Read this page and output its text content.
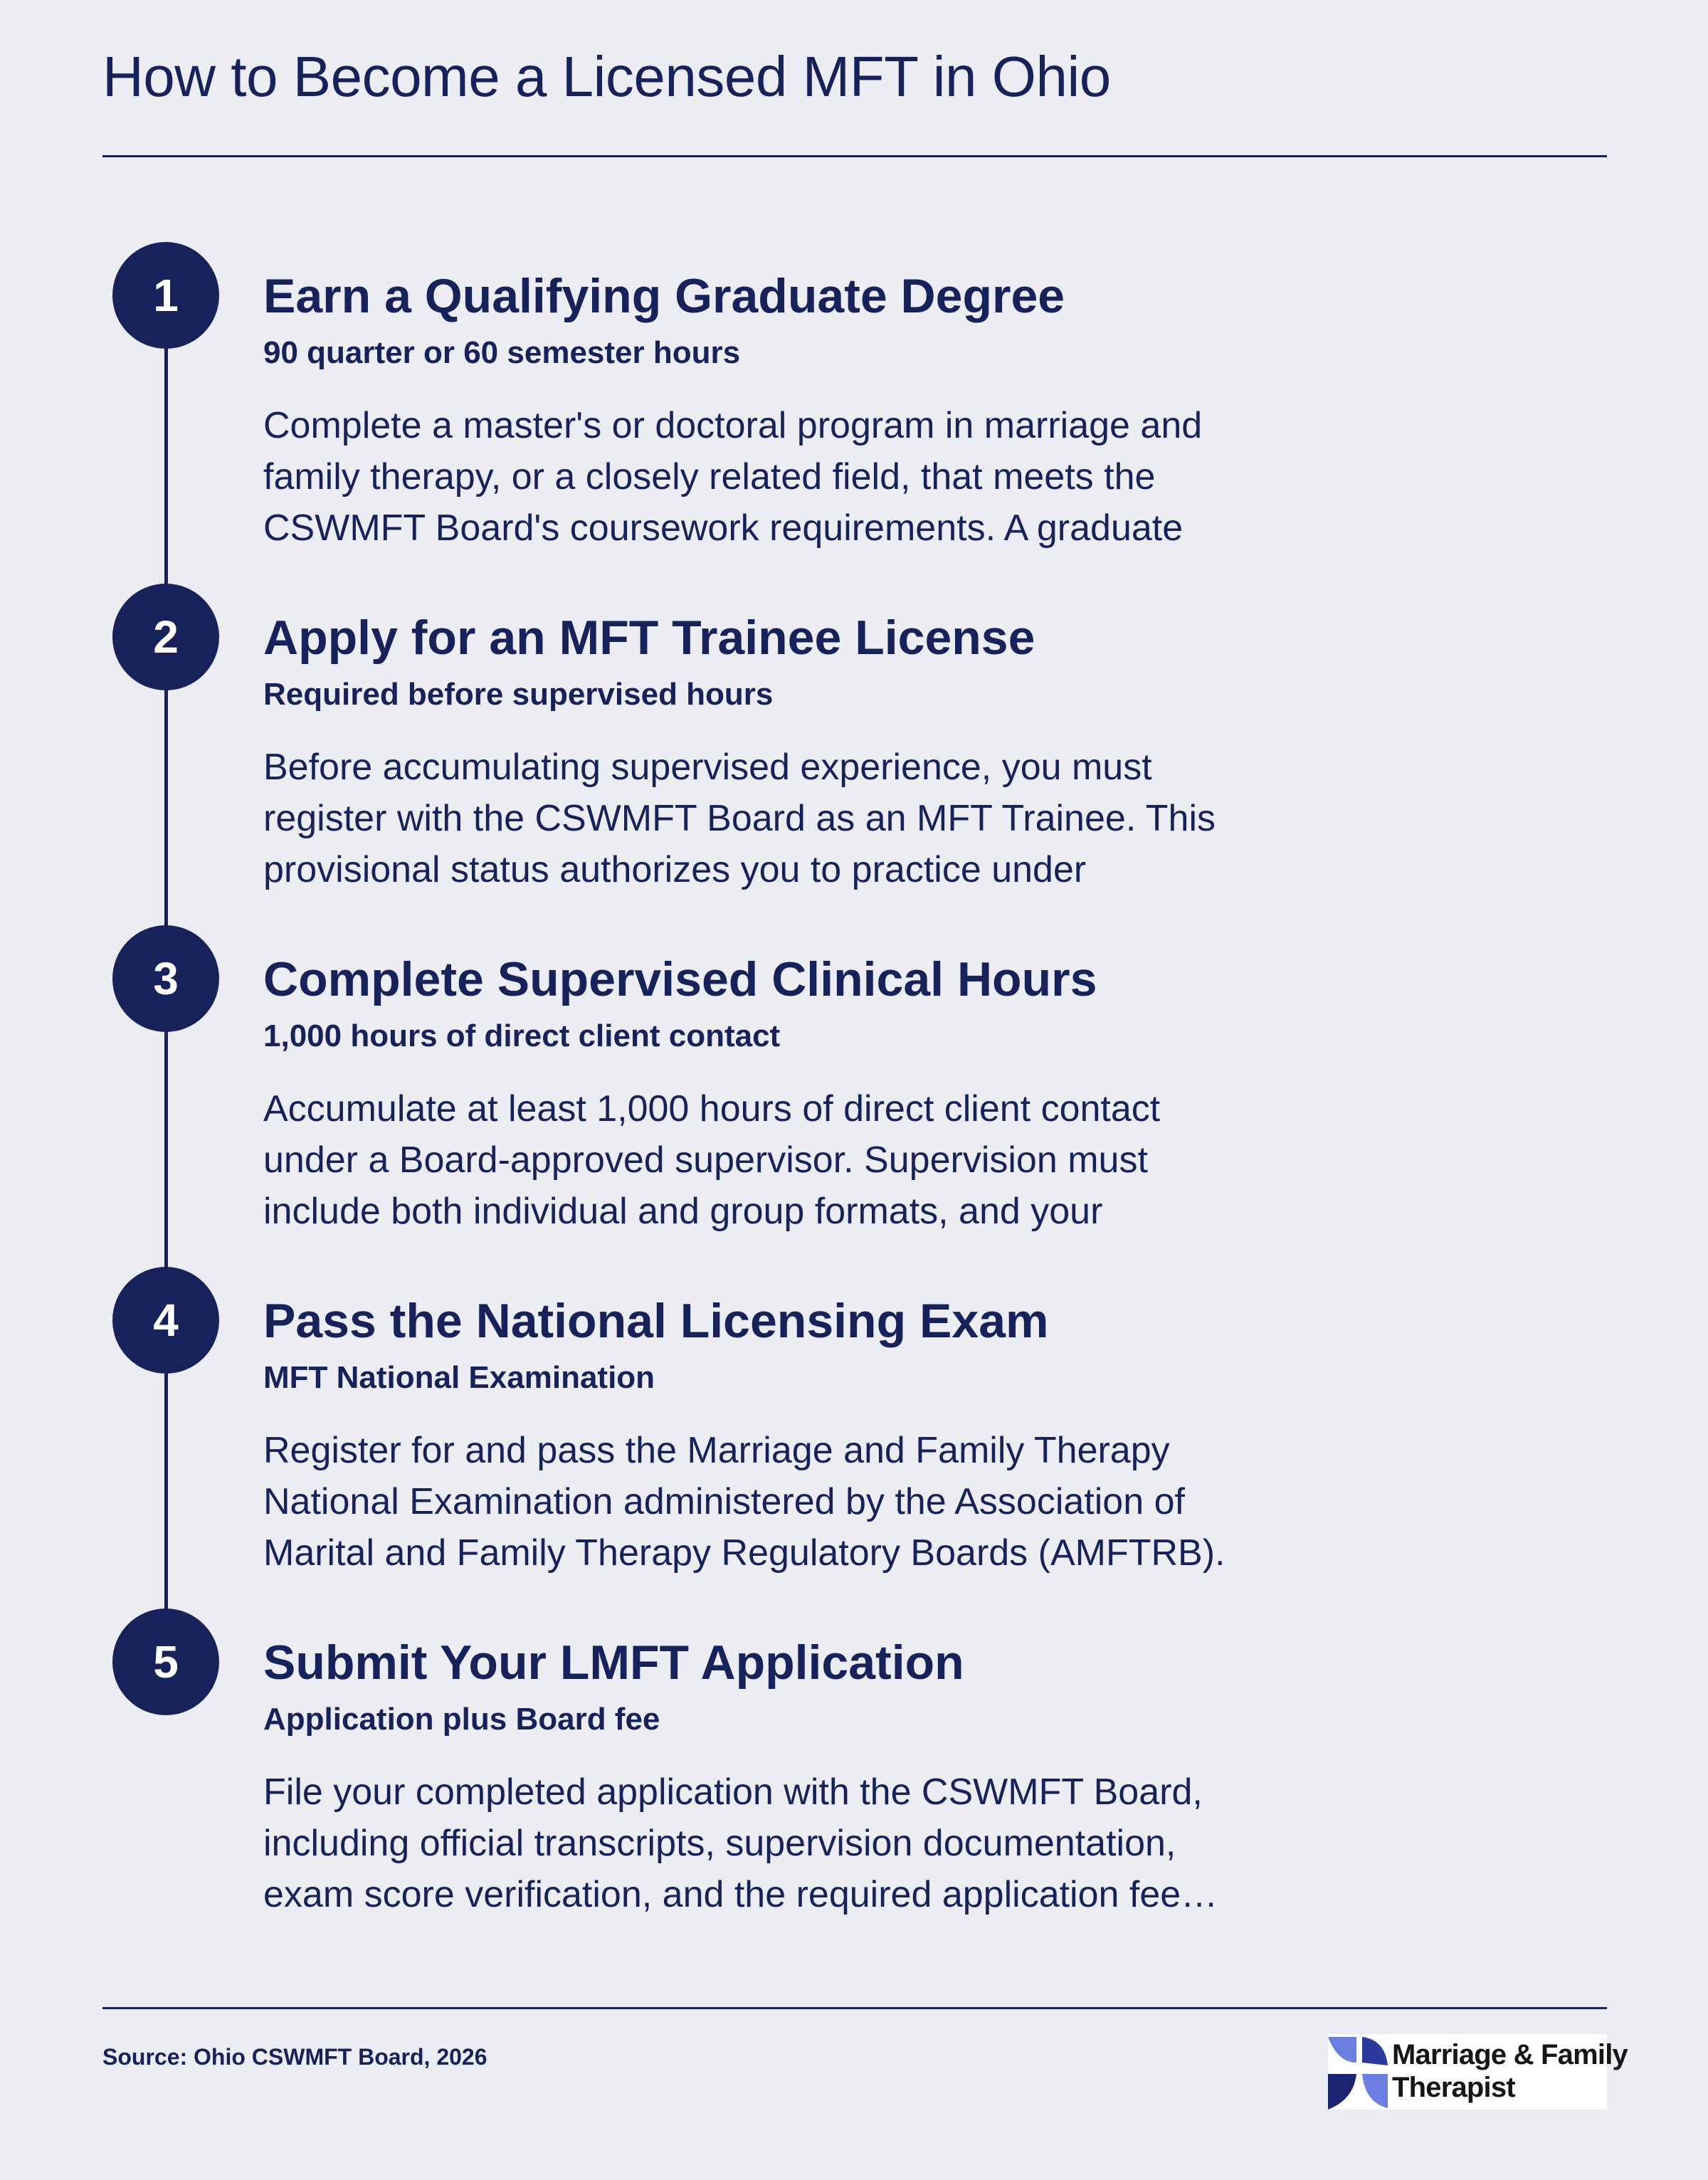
How to Become a Licensed MFT in Ohio
1	Earn a Qualifying Graduate Degree
90 quarter or 60 semester hours

Complete a master's or doctoral program in marriage and
family therapy, or a closely related field, that meets the
CSWMFT Board's coursework requirements. A graduate

2	Apply for an MFT Trainee License
Required before supervised hours

Before accumulating supervised experience, you must
register with the CSWMFT Board as an MFT Trainee. This
provisional status authorizes you to practice under

3	Complete Supervised Clinical Hours
1,000 hours of direct client contact

Accumulate at least 1,000 hours of direct client contact
under a Board-approved supervisor. Supervision must
include both individual and group formats, and your

4	Pass the National Licensing Exam
MFT National Examination

Register for and pass the Marriage and Family Therapy
National Examination administered by the Association of
Marital and Family Therapy Regulatory Boards (AMFTRB).

5	Submit Your LMFT Application
Application plus Board fee

File your completed application with the CSWMFT Board,
including official transcripts, supervision documentation,
exam score verification, and the required application fee…

Source: Ohio CSWMFT Board, 2026	Marriage & Family
Therapist
